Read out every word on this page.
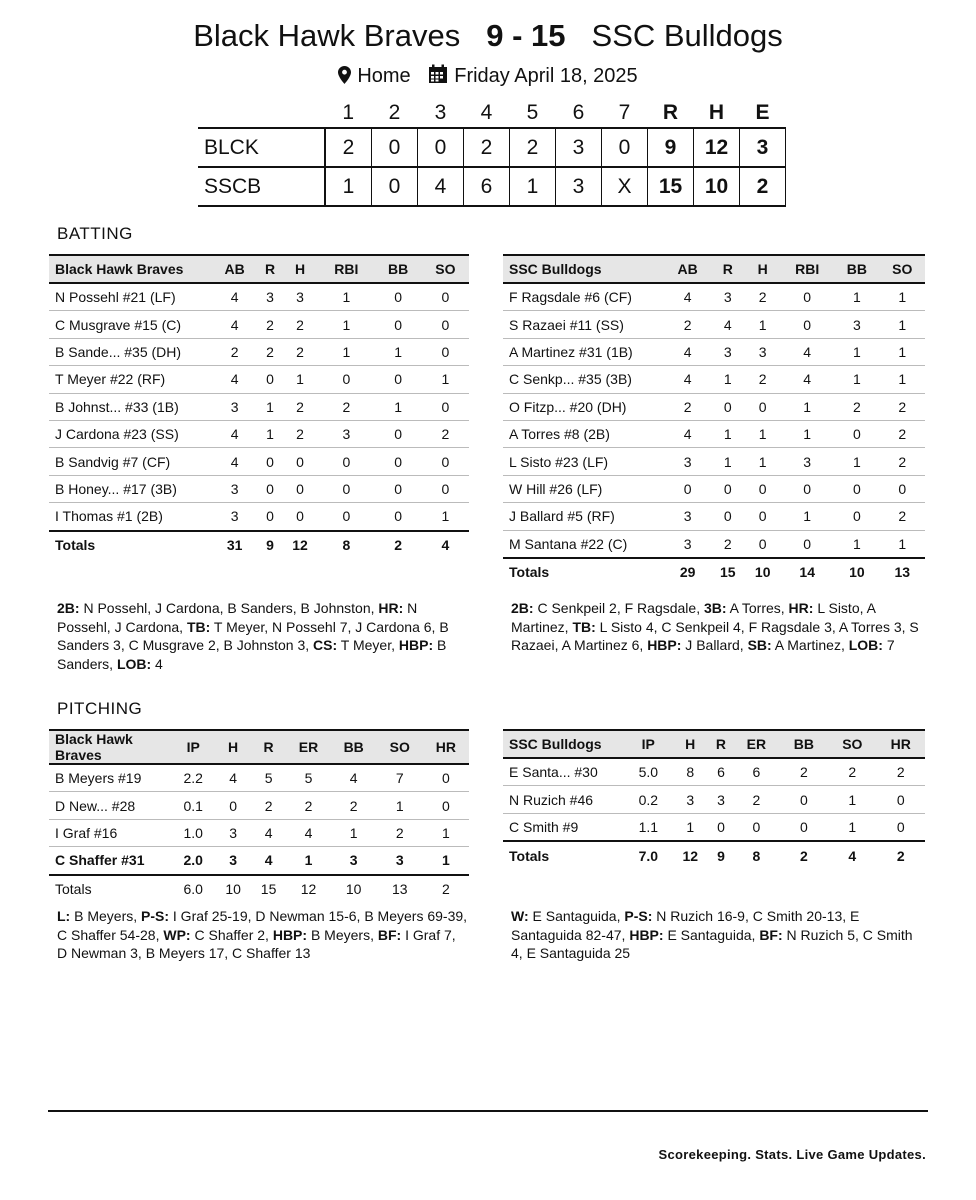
Black Hawk Braves 9 - 15 SSC Bulldogs
Home Friday April 18, 2025
	1	2	3	4	5	6	7	R	H	E
BLCK	2	0	0	2	2	3	0	9	12	3
SSCB	1	0	4	6	1	3	X	15	10	2
BATTING
Black Hawk Braves	AB	R	H	RBI	BB	SO
N Possehl #21 (LF)	4	3	3	1	0	0
C Musgrave #15 (C)	4	2	2	1	0	0
B Sande... #35 (DH)	2	2	2	1	1	0
T Meyer #22 (RF)	4	0	1	0	0	1
B Johnst... #33 (1B)	3	1	2	2	1	0
J Cardona #23 (SS)	4	1	2	3	0	2
B Sandvig #7 (CF)	4	0	0	0	0	0
B Honey... #17 (3B)	3	0	0	0	0	0
I Thomas #1 (2B)	3	0	0	0	0	1
Totals	31	9	12	8	2	4
SSC Bulldogs	AB	R	H	RBI	BB	SO
F Ragsdale #6 (CF)	4	3	2	0	1	1
S Razaei #11 (SS)	2	4	1	0	3	1
A Martinez #31 (1B)	4	3	3	4	1	1
C Senkp... #35 (3B)	4	1	2	4	1	1
O Fitzp... #20 (DH)	2	0	0	1	2	2
A Torres #8 (2B)	4	1	1	1	0	2
L Sisto #23 (LF)	3	1	1	3	1	2
W Hill #26 (LF)	0	0	0	0	0	0
J Ballard #5 (RF)	3	0	0	1	0	2
M Santana #22 (C)	3	2	0	0	1	1
Totals	29	15	10	14	10	13
2B: N Possehl, J Cardona, B Sanders, B Johnston, HR: N Possehl, J Cardona, TB: T Meyer, N Possehl 7, J Cardona 6, B Sanders 3, C Musgrave 2, B Johnston 3, CS: T Meyer, HBP: B Sanders, LOB: 4
2B: C Senkpeil 2, F Ragsdale, 3B: A Torres, HR: L Sisto, A Martinez, TB: L Sisto 4, C Senkpeil 4, F Ragsdale 3, A Torres 3, S Razaei, A Martinez 6, HBP: J Ballard, SB: A Martinez, LOB: 7
PITCHING
Black Hawk Braves	IP	H	R	ER	BB	SO	HR
B Meyers #19	2.2	4	5	5	4	7	0
D New... #28	0.1	0	2	2	2	1	0
I Graf #16	1.0	3	4	4	1	2	1
C Shaffer #31	2.0	3	4	1	3	3	1
Totals	6.0	10	15	12	10	13	2
SSC Bulldogs	IP	H	R	ER	BB	SO	HR
E Santa... #30	5.0	8	6	6	2	2	2
N Ruzich #46	0.2	3	3	2	0	1	0
C Smith #9	1.1	1	0	0	0	1	0
Totals	7.0	12	9	8	2	4	2
L: B Meyers, P-S: I Graf 25-19, D Newman 15-6, B Meyers 69-39, C Shaffer 54-28, WP: C Shaffer 2, HBP: B Meyers, BF: I Graf 7, D Newman 3, B Meyers 17, C Shaffer 13
W: E Santaguida, P-S: N Ruzich 16-9, C Smith 20-13, E Santaguida 82-47, HBP: E Santaguida, BF: N Ruzich 5, C Smith 4, E Santaguida 25
Scorekeeping. Stats. Live Game Updates.
